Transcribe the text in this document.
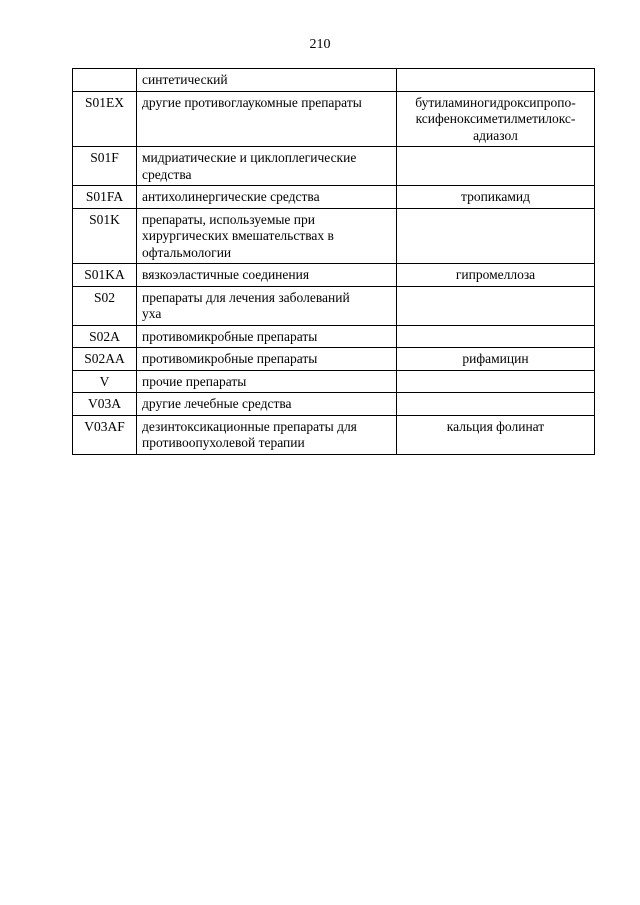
210
	синтетический	
S01EX	другие противоглаукомные препараты	бутиламиногидроксипропо-
ксифеноксиметилметилокс-
адиазол
S01F	мидриатические и циклоплегические
средства	
S01FA	антихолинергические средства	тропикамид
S01K	препараты, используемые при
хирургических вмешательствах в
офтальмологии	
S01KA	вязкоэластичные соединения	гипромеллоза
S02	препараты для лечения заболеваний
уха	
S02A	противомикробные препараты	
S02AA	противомикробные препараты	рифамицин
V	прочие препараты	
V03A	другие лечебные средства	
V03AF	дезинтоксикационные препараты для
противоопухолевой терапии	кальция фолинат
